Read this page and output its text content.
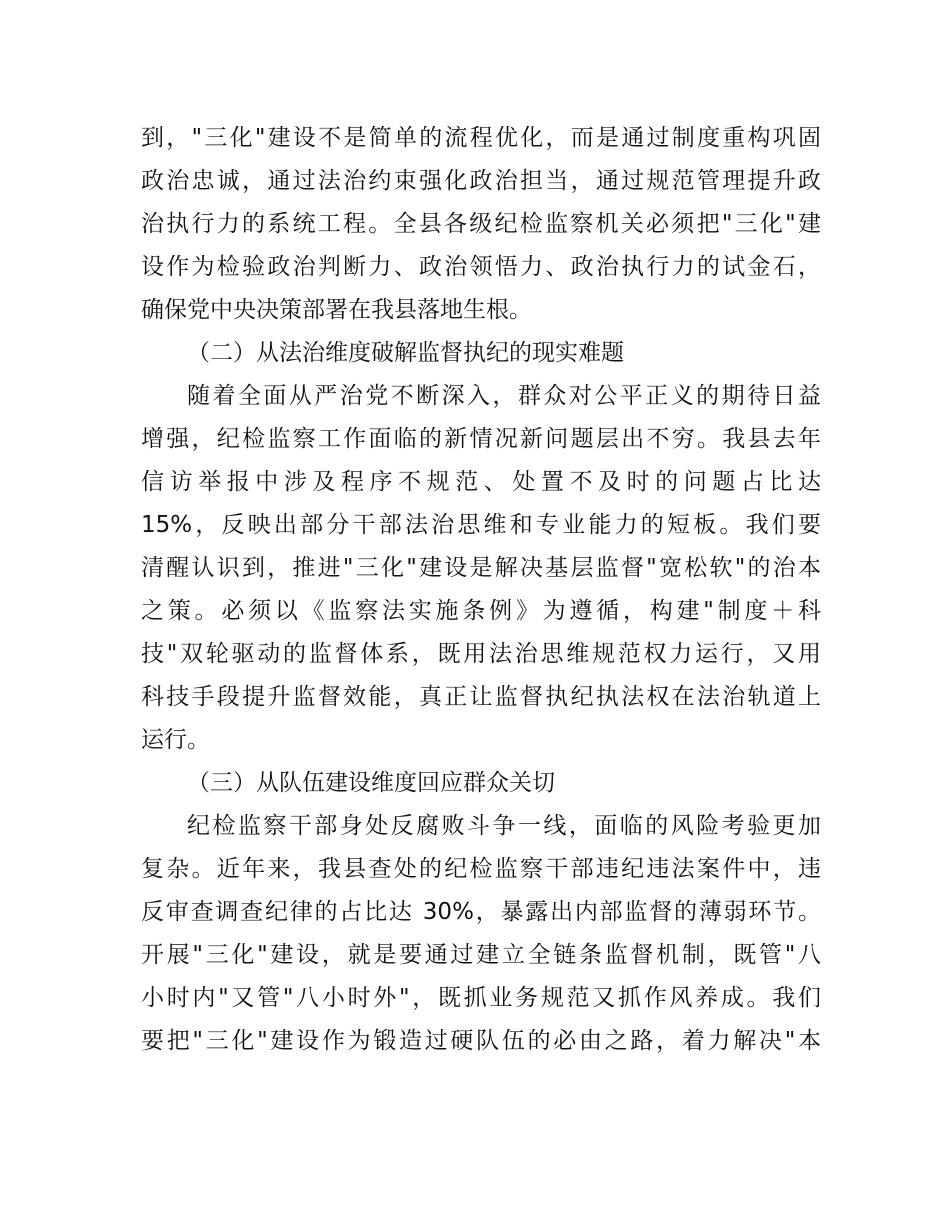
到，"三化"建设不是简单的流程优化，而是通过制度重构巩固
政治忠诚，通过法治约束强化政治担当，通过规范管理提升政
治执行力的系统工程。全县各级纪检监察机关必须把"三化"建
设作为检验政治判断力、政治领悟力、政治执行力的试金石，
确保党中央决策部署在我县落地生根。
（二）从法治维度破解监督执纪的现实难题
随着全面从严治党不断深入，群众对公平正义的期待日益
增强，纪检监察工作面临的新情况新问题层出不穷。我县去年
信访举报中涉及程序不规范、处置不及时的问题占比达
15%，反映出部分干部法治思维和专业能力的短板。我们要
清醒认识到，推进"三化"建设是解决基层监督"宽松软"的治本
之策。必须以《监察法实施条例》为遵循，构建"制度＋科
技"双轮驱动的监督体系，既用法治思维规范权力运行，又用
科技手段提升监督效能，真正让监督执纪执法权在法治轨道上
运行。
（三）从队伍建设维度回应群众关切
纪检监察干部身处反腐败斗争一线，面临的风险考验更加
复杂。近年来，我县查处的纪检监察干部违纪违法案件中，违
反审查调查纪律的占比达 30%，暴露出内部监督的薄弱环节。
开展"三化"建设，就是要通过建立全链条监督机制，既管"八
小时内"又管"八小时外"，既抓业务规范又抓作风养成。我们
要把"三化"建设作为锻造过硬队伍的必由之路，着力解决"本
